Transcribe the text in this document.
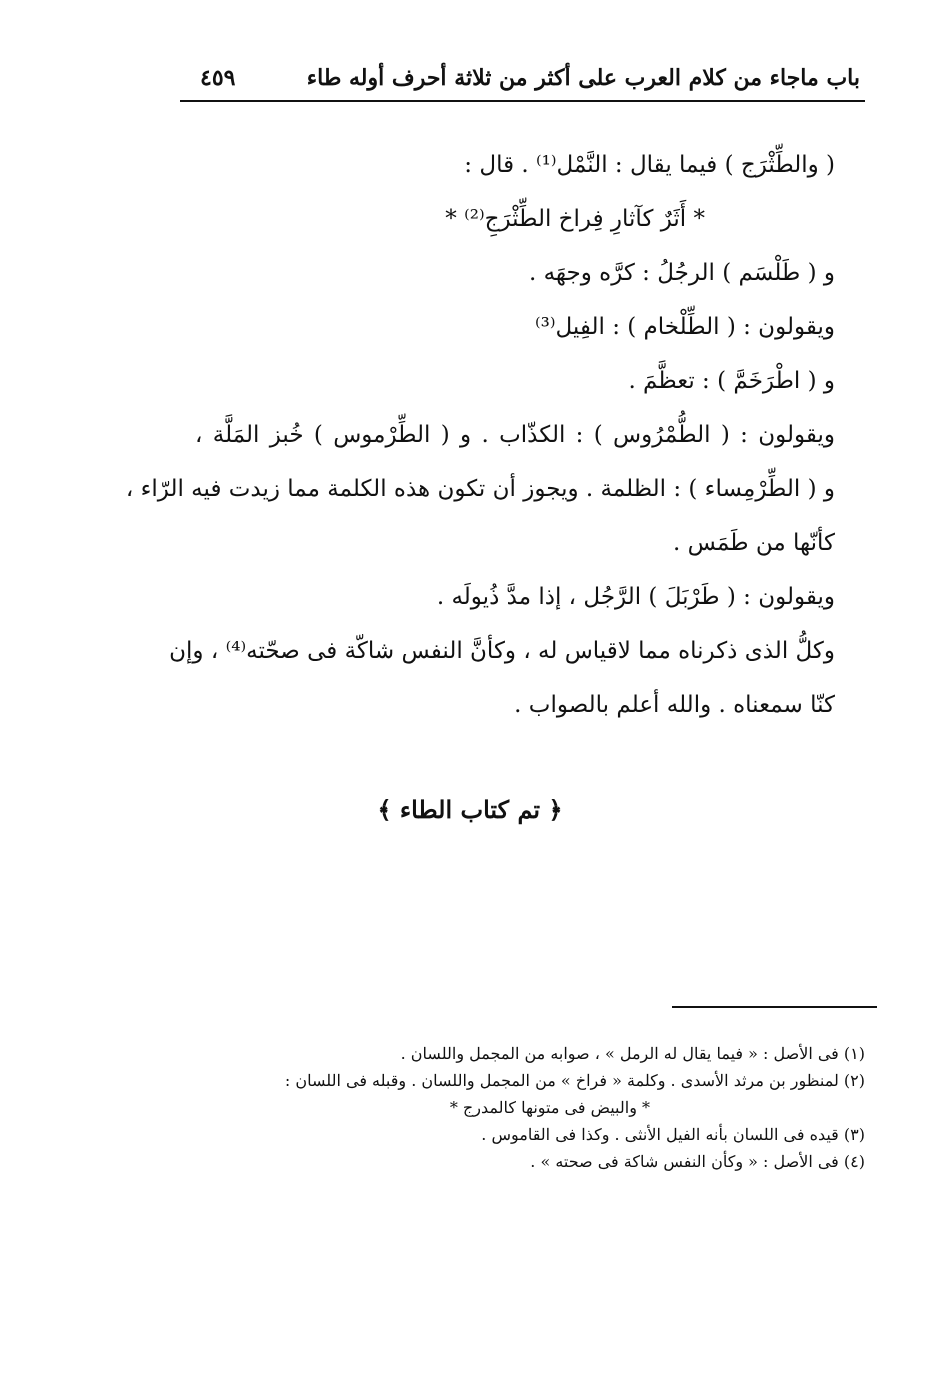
باب ماجاء من كلام العرب على أكثر من ثلاثة أحرف أوله طاء
٤٥٩
( والطِّثْرَج ) فيما يقال : النَّمْل⁽¹⁾ . قال :
* أَثَرٌ كآثارِ فِراخ الطِّثْرَجِ⁽²⁾ *
و ( طَلْسَم ) الرجُلُ : كرَّه وجهَه .
ويقولون : ( الطِّلْخام ) : الفِيل⁽³⁾
و ( اطْرَخَمَّ ) : تعظَّمَ .
ويقولون : ( الطُّمْرُوس ) : الكذّاب . و ( الطِّرْموس ) خُبز المَلَّة ،
و ( الطِّرْمِساء ) : الظلمة . ويجوز أن تكون هذه الكلمة مما زيدت فيه الرّاء ،
كأنّها من طَمَس .
ويقولون : ( طَرْبَلَ ) الرَّجُل ، إذا مدَّ ذُيولَه .
وكلُّ الذى ذكرناه مما لاقياس له ، وكأنَّ النفس شاكّة فى صحّته⁽⁴⁾ ، وإن
كنّا سمعناه . والله أعلم بالصواب .
﴿ تم كتاب الطاء ﴾
(١) فى الأصل : « فيما يقال له الرمل » ، صوابه من المجمل واللسان .
(٢) لمنظور بن مرثد الأسدى . وكلمة « فراخ » من المجمل واللسان . وقبله فى اللسان :
* والبيض فى متونها كالمدرج *
(٣) قيده فى اللسان بأنه الفيل الأنثى . وكذا فى القاموس .
(٤) فى الأصل : « وكأن النفس شاكة فى صحته » .
